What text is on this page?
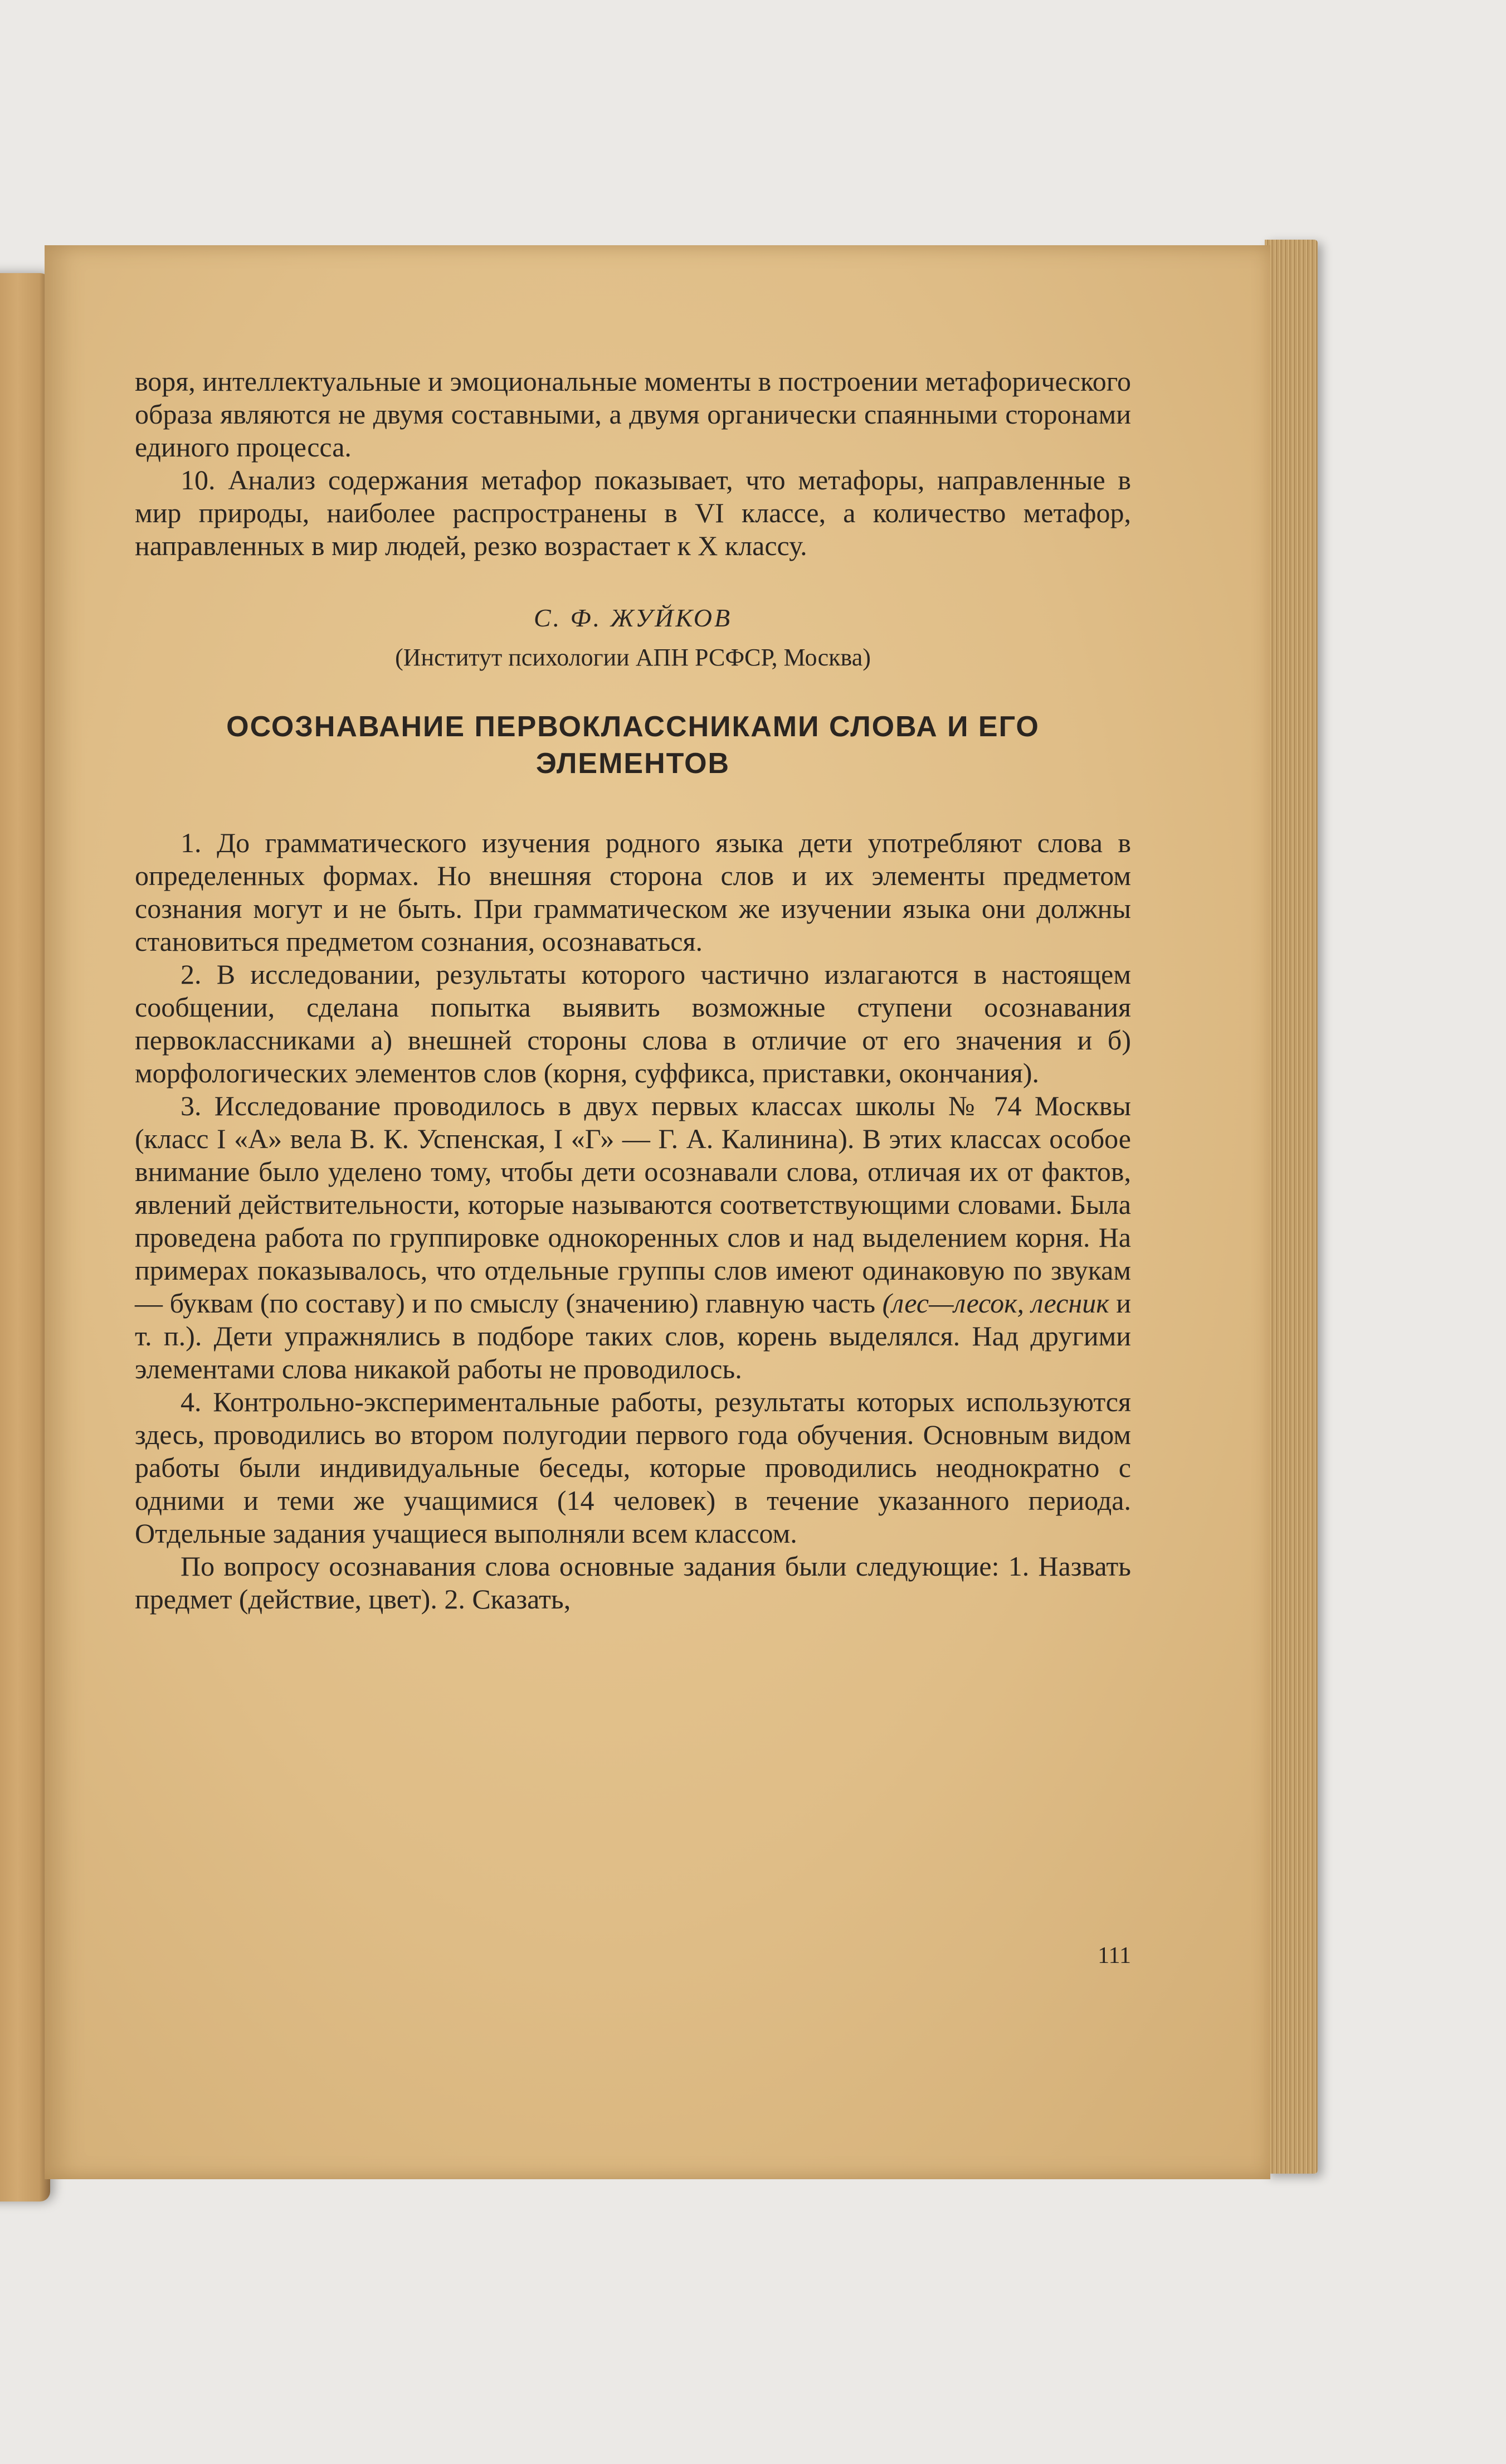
воря, интеллектуальные и эмоциональные моменты в построении метафорического образа являются не двумя составными, а двумя органически спаянными сторонами единого процесса.

10. Анализ содержания метафор показывает, что метафоры, направленные в мир природы, наиболее распространены в VI классе, а количество метафор, направленных в мир людей, резко возрастает к X классу.

С. Ф. ЖУЙКОВ
(Институт психологии АПН РСФСР, Москва)
ОСОЗНАВАНИЕ ПЕРВОКЛАССНИКАМИ СЛОВА И ЕГО ЭЛЕМЕНТОВ

1. До грамматического изучения родного языка дети употребляют слова в определенных формах. Но внешняя сторона слов и их элементы предметом сознания могут и не быть. При грамматическом же изучении языка они должны становиться предметом сознания, осознаваться.

2. В исследовании, результаты которого частично излагаются в настоящем сообщении, сделана попытка выявить возможные ступени осознавания первоклассниками а) внешней стороны слова в отличие от его значения и б) морфологических элементов слов (корня, суффикса, приставки, окончания).

3. Исследование проводилось в двух первых классах школы № 74 Москвы (класс I «А» вела В. К. Успенская, I «Г» — Г. А. Калинина). В этих классах особое внимание было уделено тому, чтобы дети осознавали слова, отличая их от фактов, явлений действительности, которые называются соответствующими словами. Была проведена работа по группировке однокоренных слов и над выделением корня. На примерах показывалось, что отдельные группы слов имеют одинаковую по звукам — буквам (по составу) и по смыслу (значению) главную часть (лес—лесок, лесник и т. п.). Дети упражнялись в подборе таких слов, корень выделялся. Над другими элементами слова никакой работы не проводилось.

4. Контрольно-экспериментальные работы, результаты которых используются здесь, проводились во втором полугодии первого года обучения. Основным видом работы были индивидуальные беседы, которые проводились неоднократно с одними и теми же учащимися (14 человек) в течение указанного периода. Отдельные задания учащиеся выполняли всем классом.

По вопросу осознавания слова основные задания были следующие: 1. Назвать предмет (действие, цвет). 2. Сказать,

111
